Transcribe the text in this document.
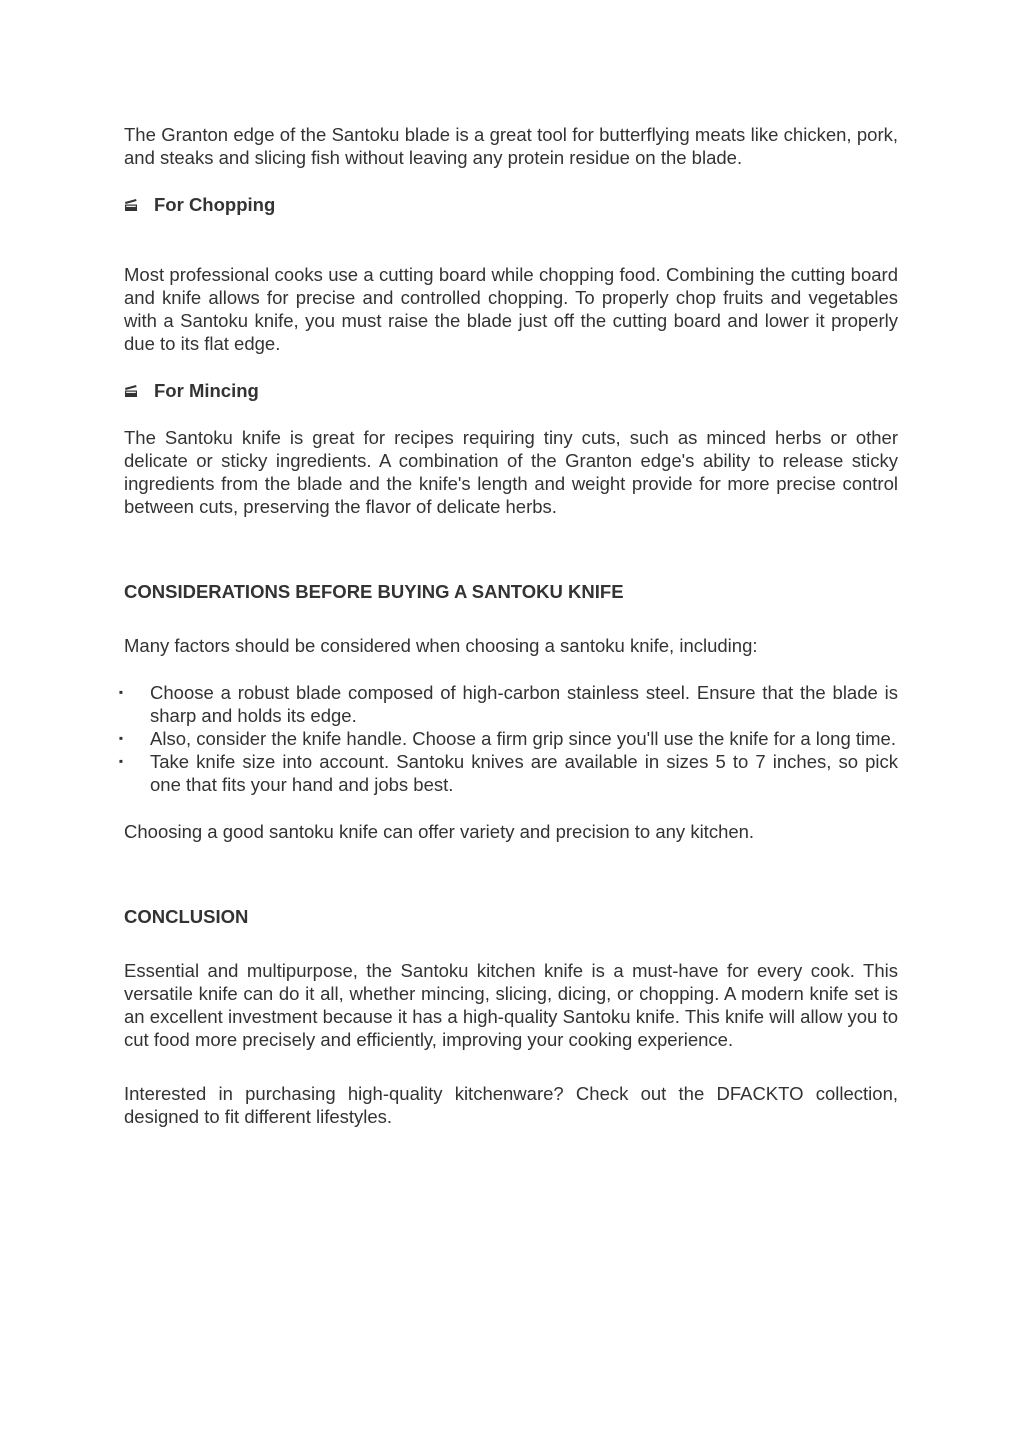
The Granton edge of the Santoku blade is a great tool for butterflying meats like chicken, pork, and steaks and slicing fish without leaving any protein residue on the blade.

For Chopping

Most professional cooks use a cutting board while chopping food. Combining the cutting board and knife allows for precise and controlled chopping. To properly chop fruits and vegetables with a Santoku knife, you must raise the blade just off the cutting board and lower it properly due to its flat edge.

For Mincing

The Santoku knife is great for recipes requiring tiny cuts, such as minced herbs or other delicate or sticky ingredients. A combination of the Granton edge's ability to release sticky ingredients from the blade and the knife's length and weight provide for more precise control between cuts, preserving the flavor of delicate herbs.

CONSIDERATIONS BEFORE BUYING A SANTOKU KNIFE

Many factors should be considered when choosing a santoku knife, including:

▪ Choose a robust blade composed of high-carbon stainless steel. Ensure that the blade is sharp and holds its edge.
▪ Also, consider the knife handle. Choose a firm grip since you'll use the knife for a long time.
▪ Take knife size into account. Santoku knives are available in sizes 5 to 7 inches, so pick one that fits your hand and jobs best.

Choosing a good santoku knife can offer variety and precision to any kitchen.

CONCLUSION

Essential and multipurpose, the Santoku kitchen knife is a must-have for every cook. This versatile knife can do it all, whether mincing, slicing, dicing, or chopping. A modern knife set is an excellent investment because it has a high-quality Santoku knife. This knife will allow you to cut food more precisely and efficiently, improving your cooking experience.

Interested in purchasing high-quality kitchenware? Check out the DFACKTO collection, designed to fit different lifestyles.
